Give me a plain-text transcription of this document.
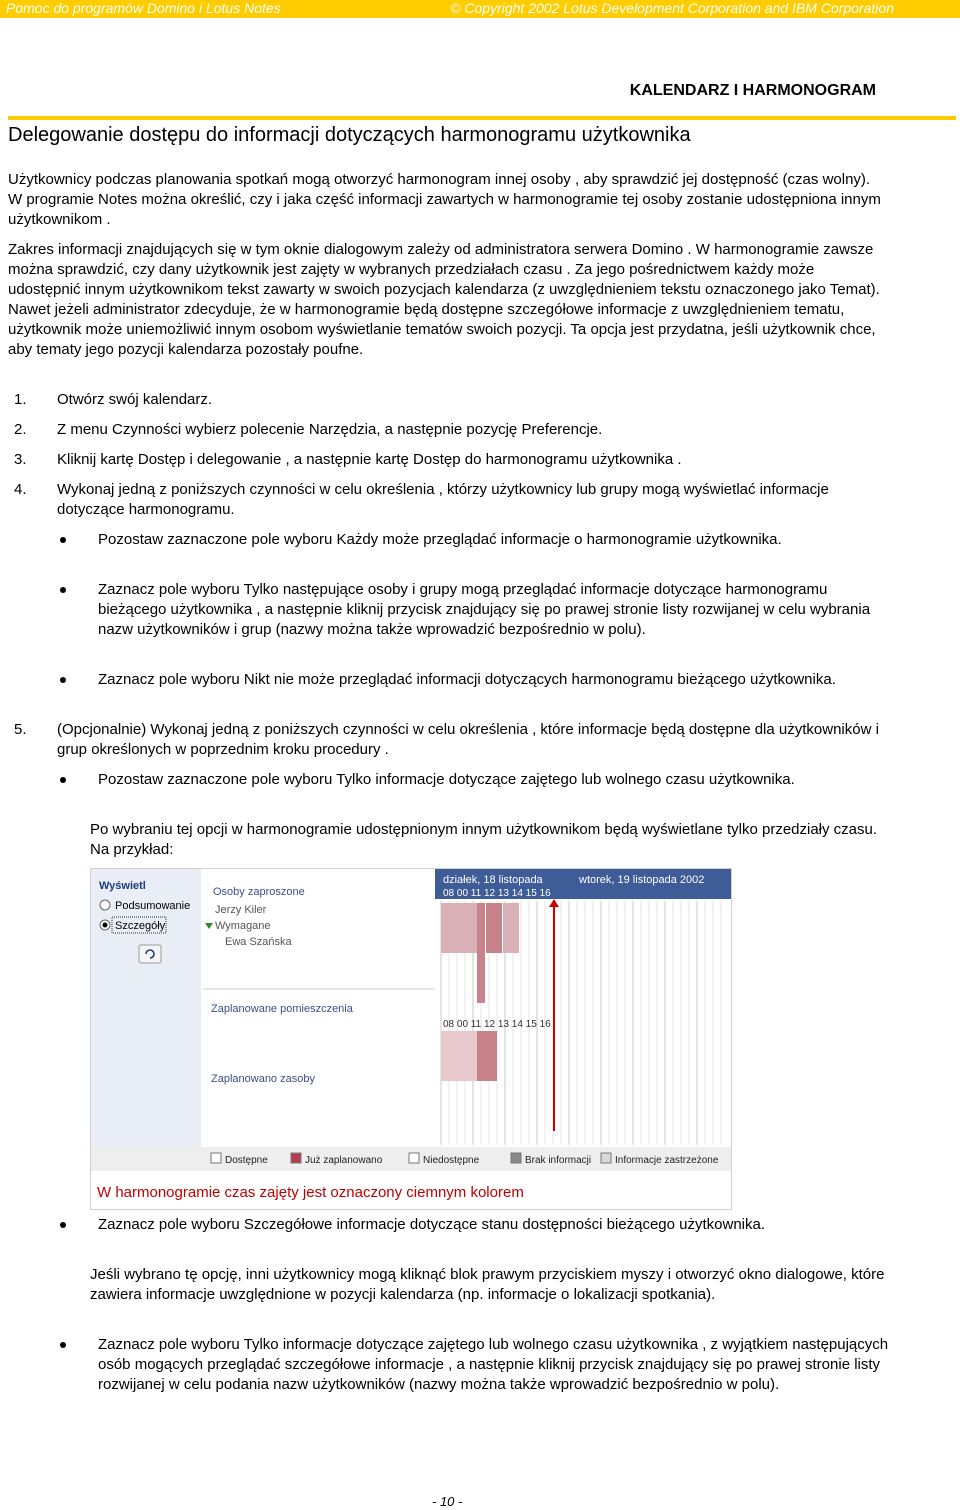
Pomoc do programów Domino i Lotus Notes	© Copyright 2002 Lotus Development Corporation and IBM Corporation
KALENDARZ I HARMONOGRAM
Delegowanie dostępu do informacji dotyczących harmonogramu użytkownika
Użytkownicy podczas planowania spotkań mogą otworzyć harmonogram innej osoby , aby sprawdzić jej dostępność (czas wolny). W programie Notes można określić, czy i jaka część informacji zawartych w harmonogramie tej osoby zostanie udostępniona innym użytkownikom .
Zakres informacji znajdujących się w tym oknie dialogowym zależy od administratora serwera Domino . W harmonogramie zawsze można sprawdzić, czy dany użytkownik jest zajęty w wybranych przedziałach czasu . Za jego pośrednictwem każdy może udostępnić innym użytkownikom tekst zawarty w swoich pozycjach kalendarza (z uwzględnieniem tekstu oznaczonego jako Temat). Nawet jeżeli administrator zdecyduje, że w harmonogramie będą dostępne szczegółowe informacje z uwzględnieniem tematu, użytkownik może uniemożliwić innym osobom wyświetlanie tematów swoich pozycji. Ta opcja jest przydatna, jeśli użytkownik chce, aby tematy jego pozycji kalendarza pozostały poufne.
1. Otwórz swój kalendarz.
2. Z menu Czynności wybierz polecenie Narzędzia, a następnie pozycję Preferencje.
3. Kliknij kartę Dostęp i delegowanie , a następnie kartę Dostęp do harmonogramu użytkownika .
4. Wykonaj jedną z poniższych czynności w celu określenia , którzy użytkownicy lub grupy mogą wyświetlać informacje dotyczące harmonogramu.
Pozostaw zaznaczone pole wyboru Każdy może przeglądać informacje o harmonogramie użytkownika.
Zaznacz pole wyboru Tylko następujące osoby i grupy mogą przeglądać informacje dotyczące harmonogramu bieżącego użytkownika , a następnie kliknij przycisk znajdujący się po prawej stronie listy rozwijanej w celu wybrania nazw użytkowników i grup (nazwy można także wprowadzić bezpośrednio w polu).
Zaznacz pole wyboru Nikt nie może przeglądać informacji dotyczących harmonogramu bieżącego użytkownika.
5. (Opcjonalnie) Wykonaj jedną z poniższych czynności w celu określenia , które informacje będą dostępne dla użytkowników i grup określonych w poprzednim kroku procedury .
Pozostaw zaznaczone pole wyboru Tylko informacje dotyczące zajętego lub wolnego czasu użytkownika.
Po wybraniu tej opcji w harmonogramie udostępnionym innym użytkownikom będą wyświetlane tylko przedziały czasu. Na przykład:
Wyświetl
Podsumowanie
Szczegóły
Osoby zaproszone
Jerzy Kiler
Wymagane
Ewa Szańska
Zaplanowane pomieszczenia
Zaplanowano zasoby
działek, 18 listopada	wtorek, 19 listopada 2002
08 00 11 12 13 14 15 16
08 00 11 12 13 14 15 16
Dostępne	Już zaplanowano	Niedostępne	Brak informacji Informacje zastrzeżone
W harmonogramie czas zajęty jest oznaczony ciemnym kolorem
Zaznacz pole wyboru Szczegółowe informacje dotyczące stanu dostępności bieżącego użytkownika.
Jeśli wybrano tę opcję, inni użytkownicy mogą kliknąć blok prawym przyciskiem myszy i otworzyć okno dialogowe, które zawiera informacje uwzględnione w pozycji kalendarza (np. informacje o lokalizacji spotkania).
Zaznacz pole wyboru Tylko informacje dotyczące zajętego lub wolnego czasu użytkownika , z wyjątkiem następujących osób mogących przeglądać szczegółowe informacje , a następnie kliknij przycisk znajdujący się po prawej stronie listy rozwijanej w celu podania nazw użytkowników (nazwy można także wprowadzić bezpośrednio w polu).
- 10 -
